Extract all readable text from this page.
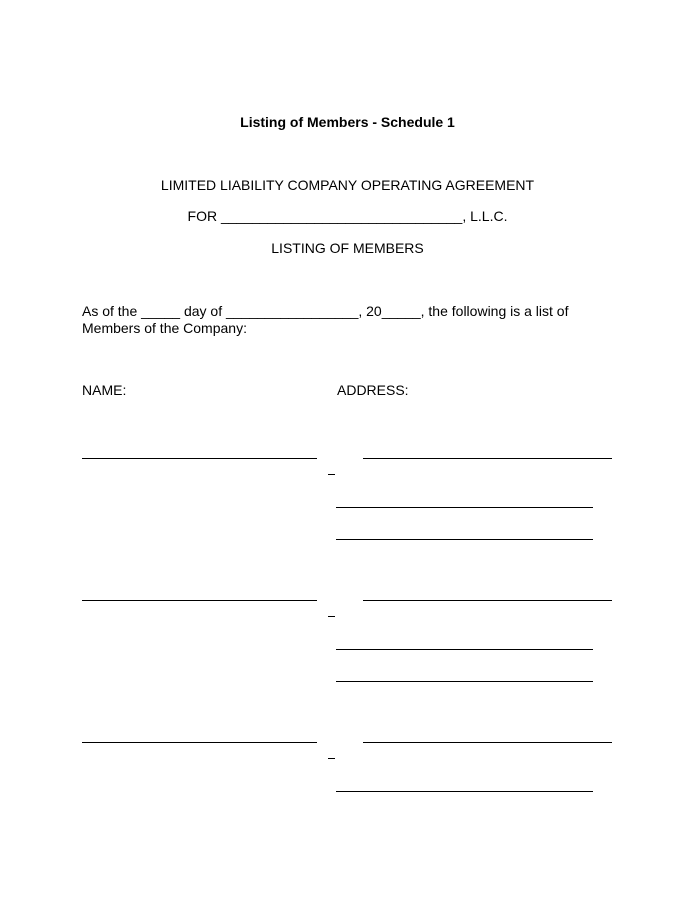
Listing of Members - Schedule 1
LIMITED LIABILITY COMPANY OPERATING AGREEMENT
FOR _______________________________, L.L.C.
LISTING OF MEMBERS
As of the _____ day of _________________, 20_____, the following is a list of
Members of the Company:
NAME:	ADDRESS:
